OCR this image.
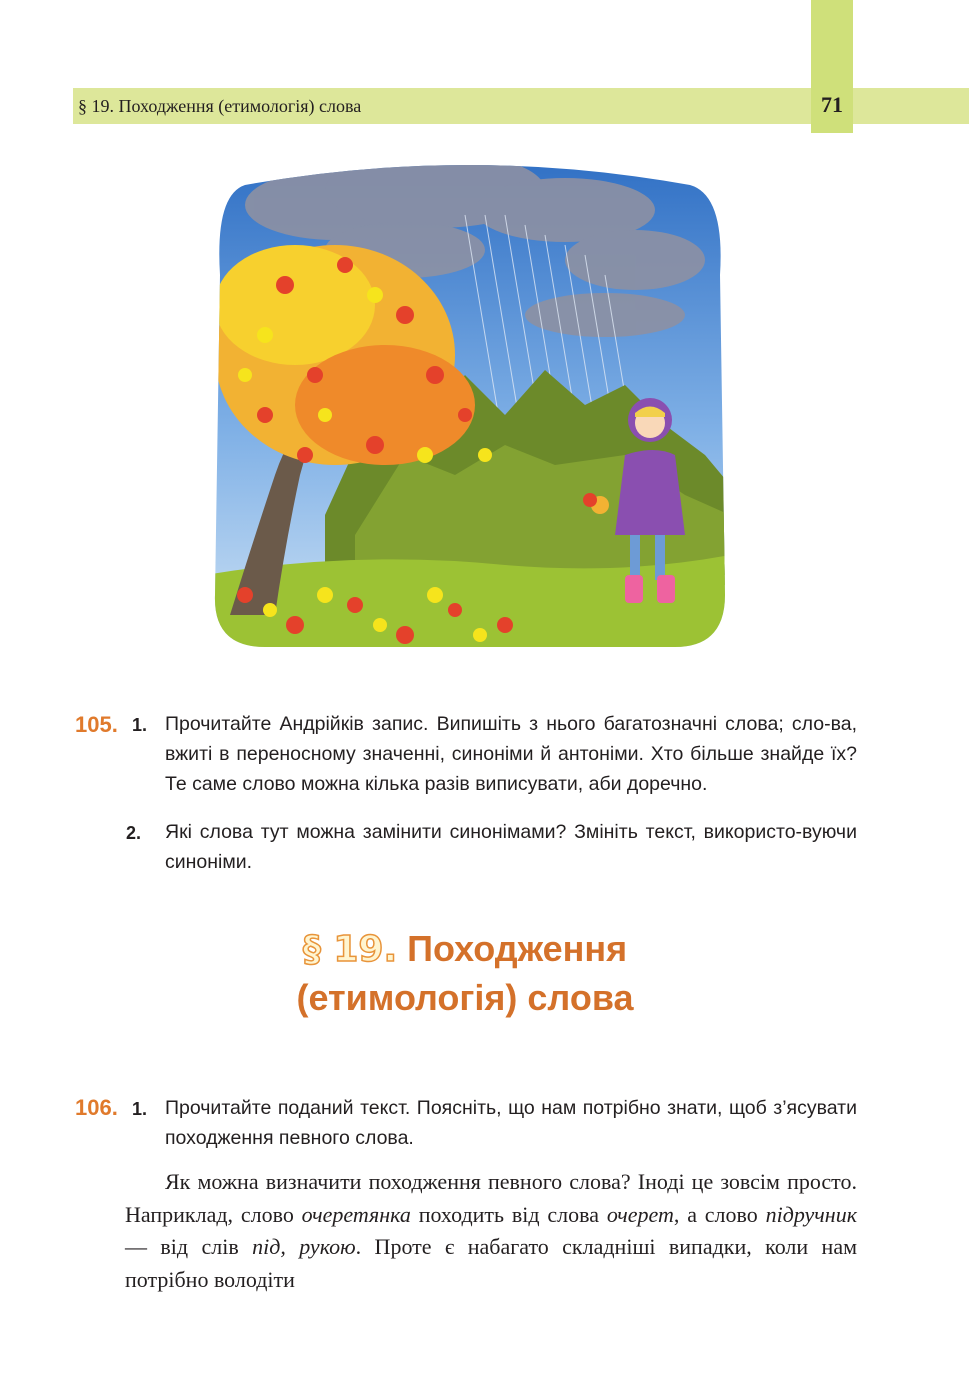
§ 19. Походження (етимологія) слова	71
105. 1. Прочитайте Андрійків запис. Випишіть з нього багатозначні слова; сло-ва, вжиті в переносному значенні, синоніми й антоніми. Хто більше знайде їх? Те саме слово можна кілька разів виписувати, аби доречно.
2. Які слова тут можна замінити синонімами? Змініть текст, використо-вуючи синоніми.
§ 19. Походження
(етимологія) слова
106. 1. Прочитайте поданий текст. Поясніть, що нам потрібно знати, щоб з’ясувати походження певного слова.
Як можна визначити походження певного слова? Іноді це зовсім просто. Наприклад, слово очеретянка походить від слова очерет, а слово підручник — від слів під, рукою. Проте є набагато складніші випадки, коли нам потрібно володіти
